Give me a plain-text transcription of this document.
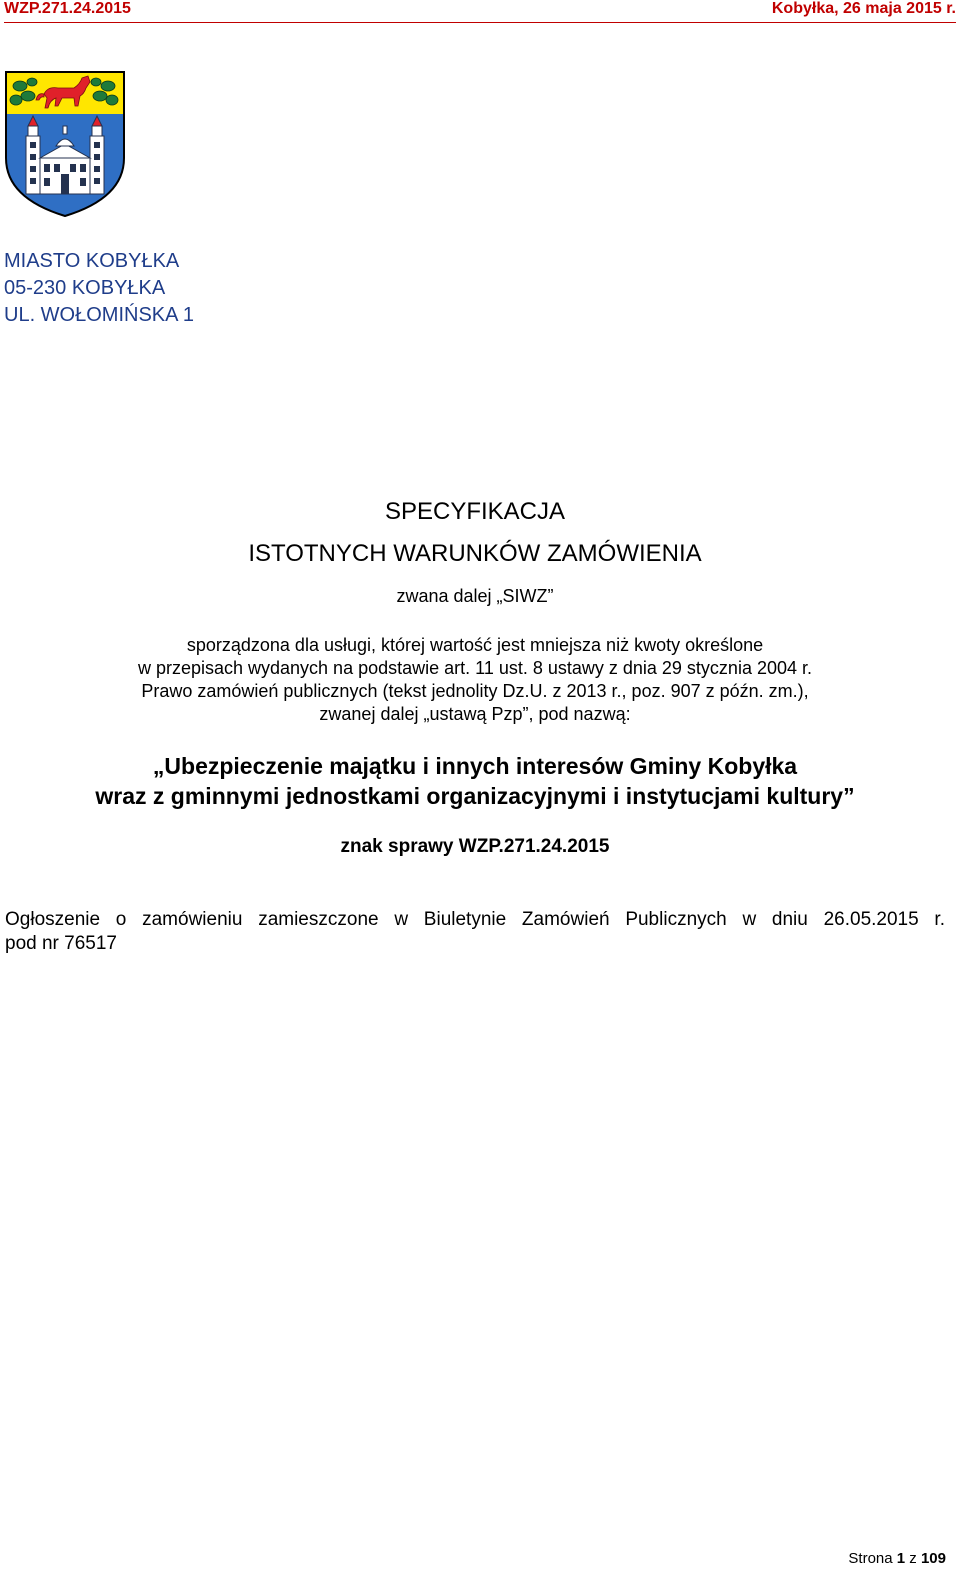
WZP.271.24.2015	Kobyłka, 26 maja 2015 r.
MIASTO KOBYŁKA
05-230 KOBYŁKA
UL. WOŁOMIŃSKA 1
SPECYFIKACJA
ISTOTNYCH WARUNKÓW ZAMÓWIENIA
zwana dalej „SIWZ”
sporządzona dla usługi, której wartość jest mniejsza niż kwoty określone
w przepisach wydanych na podstawie art. 11 ust. 8 ustawy z dnia 29 stycznia 2004 r.
Prawo zamówień publicznych (tekst jednolity Dz.U. z 2013 r., poz. 907 z późn. zm.),
zwanej dalej „ustawą Pzp”, pod nazwą:
„Ubezpieczenie majątku i innych interesów Gminy Kobyłka
wraz z gminnymi jednostkami organizacyjnymi i instytucjami kultury”
znak sprawy WZP.271.24.2015
Ogłoszenie o zamówieniu zamieszczone w Biuletynie Zamówień Publicznych w dniu 26.05.2015 r.
pod nr 76517
Strona 1 z 109
